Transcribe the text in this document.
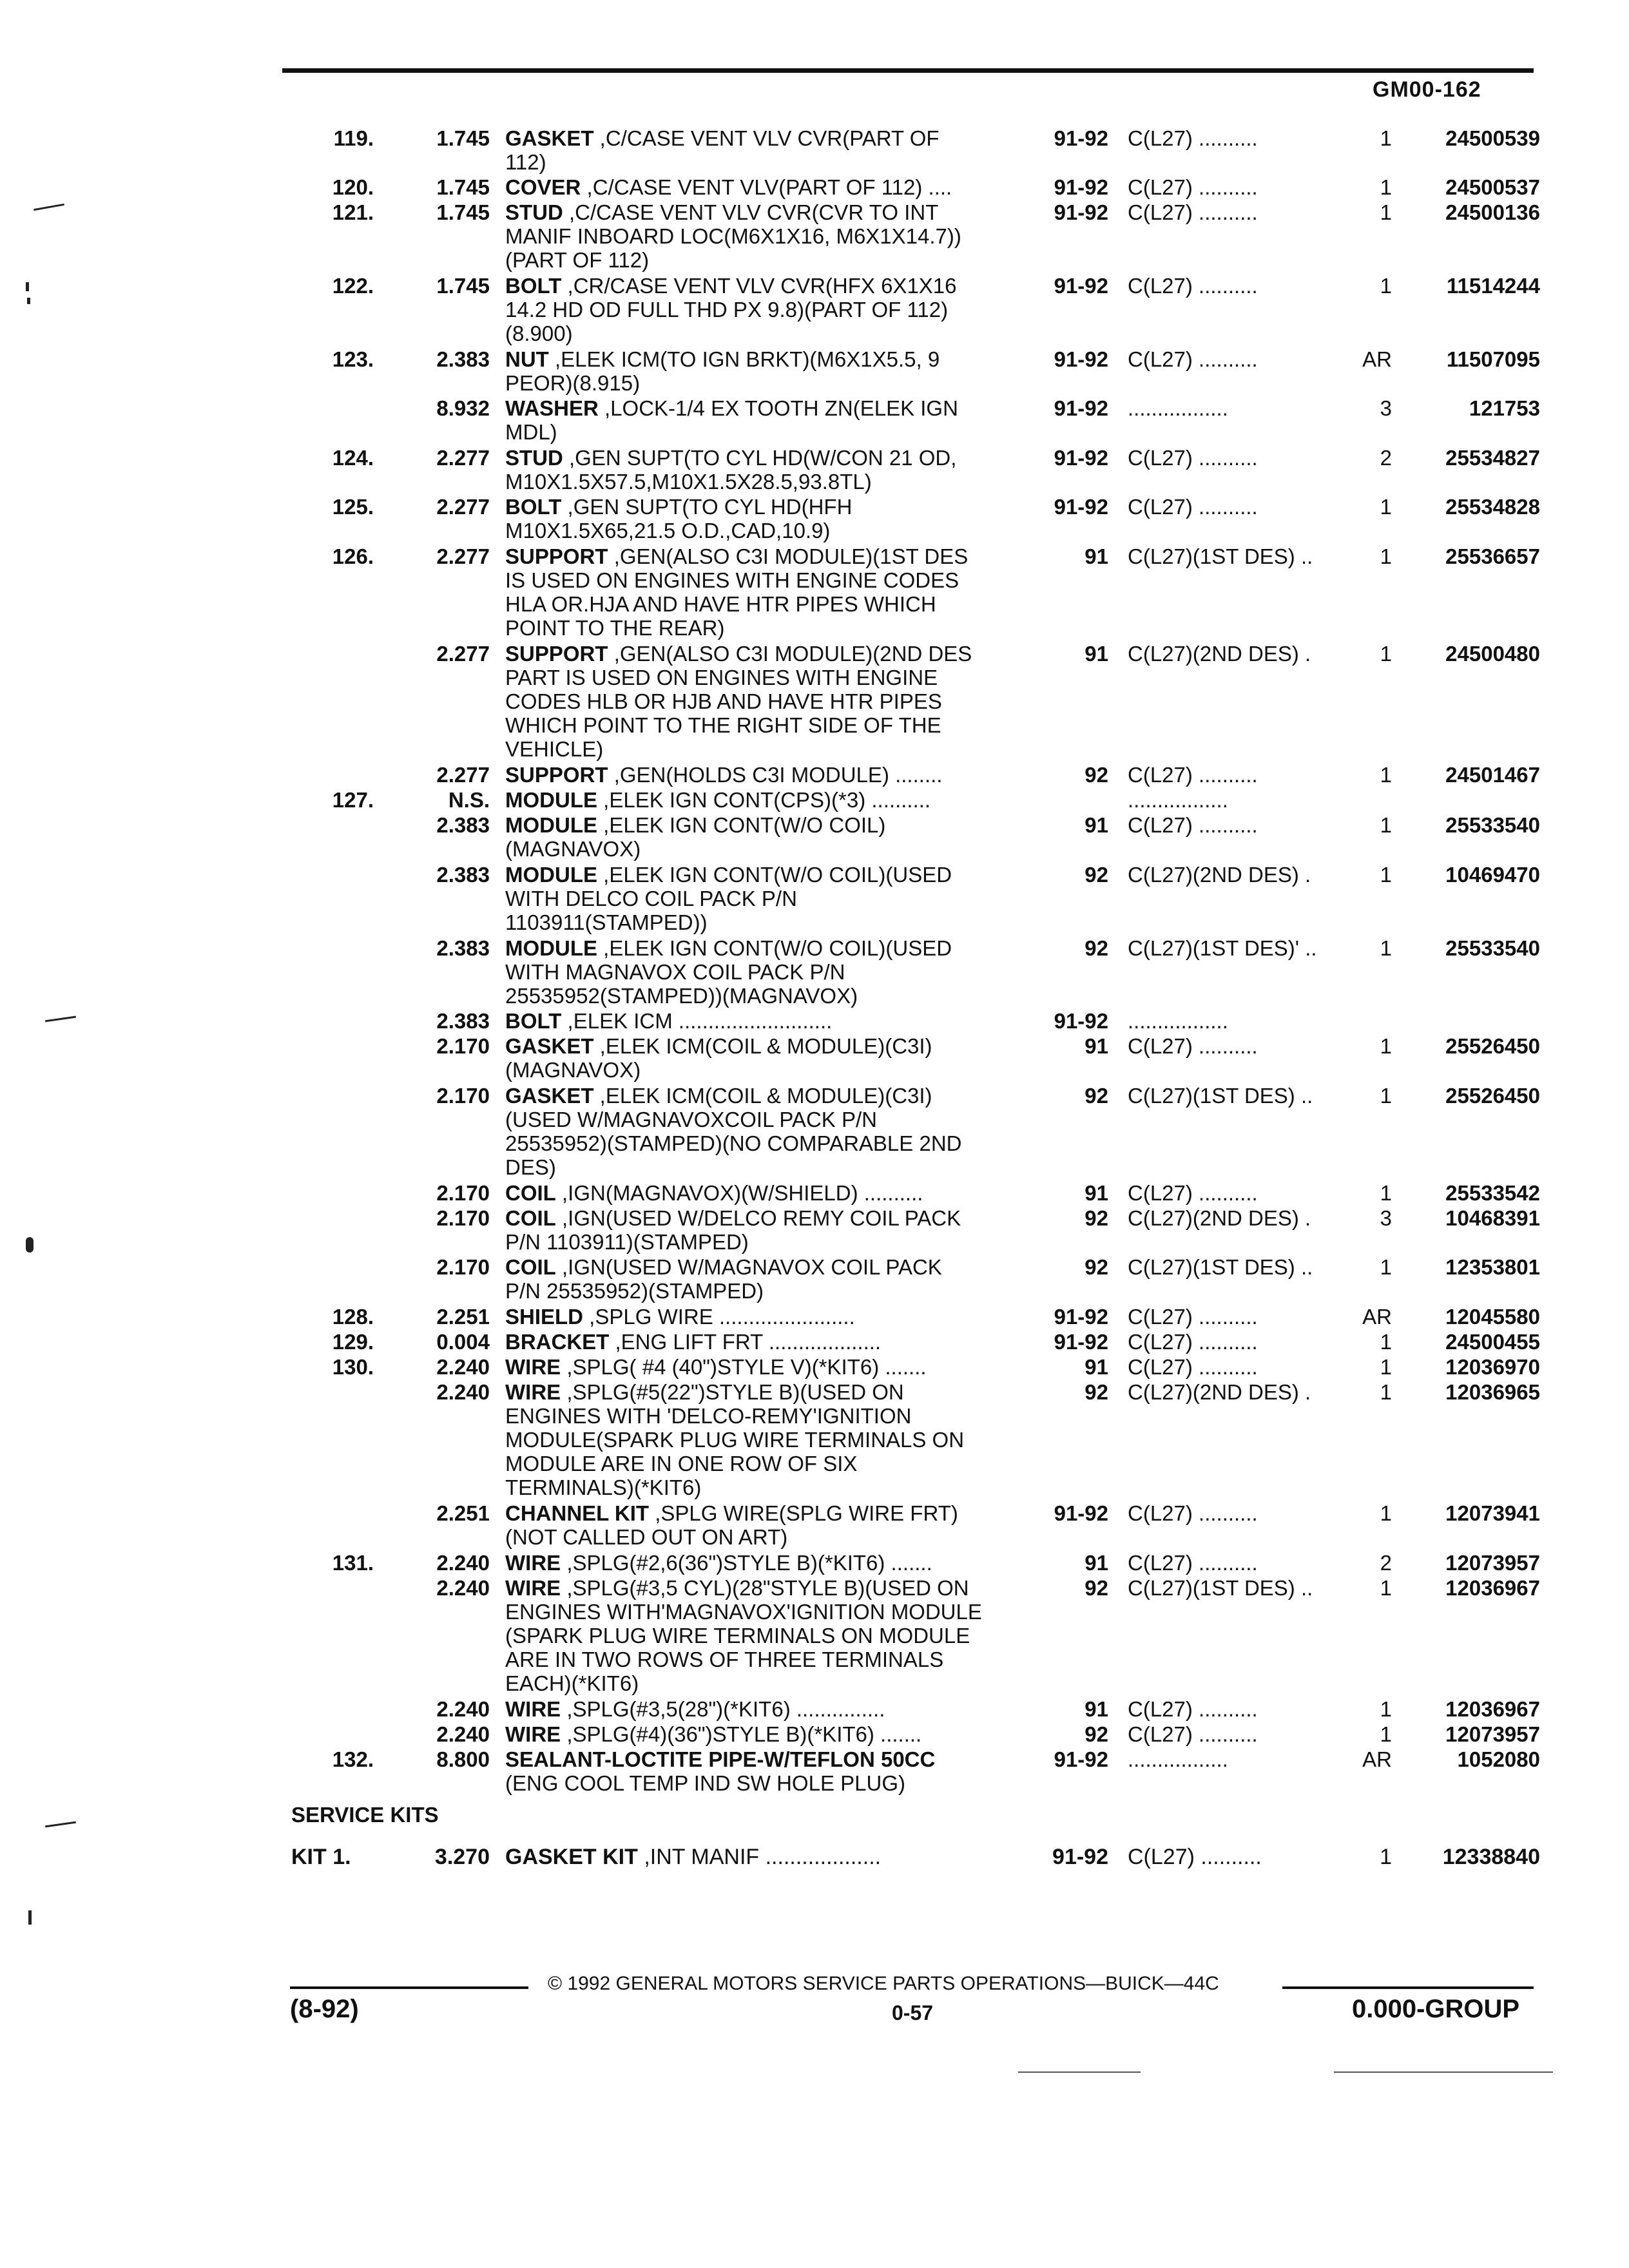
GM00-162
119.	1.745 GASKET ,C/CASE VENT VLV CVR(PART OF
112)
91-92 C(L27) ..........	1	24500539
120.	1.745 COVER ,C/CASE VENT VLV(PART OF 112) ....	91-92 C(L27) ..........	1	24500537
121.	1.745 STUD ,C/CASE VENT VLV CVR(CVR TO INT
MANIF INBOARD LOC(M6X1X16, M6X1X14.7))
(PART OF 112)
91-92 C(L27) ..........	1	24500136
122.	1.745 BOLT ,CR/CASE VENT VLV CVR(HFX 6X1X16
14.2 HD OD FULL THD PX 9.8)(PART OF 112)
(8.900)
91-92 C(L27) ..........	1	11514244
123.	2.383 NUT ,ELEK ICM(TO IGN BRKT)(M6X1X5.5, 9
PEOR)(8.915)
91-92 C(L27) ..........	AR	11507095
8.932 WASHER ,LOCK-1/4 EX TOOTH ZN(ELEK IGN
MDL)
91-92 .................	3	121753
124.	2.277 STUD ,GEN SUPT(TO CYL HD(W/CON 21 OD,
M10X1.5X57.5,M10X1.5X28.5,93.8TL)
91-92 C(L27) ..........	2	25534827
125.	2.277 BOLT ,GEN SUPT(TO CYL HD(HFH
M10X1.5X65,21.5 O.D.,CAD,10.9)
91-92 C(L27) ..........	1	25534828
126.	2.277 SUPPORT ,GEN(ALSO C3I MODULE)(1ST DES
IS USED ON ENGINES WITH ENGINE CODES
HLA OR.HJA AND HAVE HTR PIPES WHICH
POINT TO THE REAR)
91 C(L27)(1ST DES) ..	1	25536657
2.277 SUPPORT ,GEN(ALSO C3I MODULE)(2ND DES
PART IS USED ON ENGINES WITH ENGINE
CODES HLB OR HJB AND HAVE HTR PIPES
WHICH POINT TO THE RIGHT SIDE OF THE
VEHICLE)
91 C(L27)(2ND DES) .	1	24500480
2.277 SUPPORT ,GEN(HOLDS C3I MODULE) ........	92 C(L27) ..........	1	24501467
127.	N.S. MODULE ,ELEK IGN CONT(CPS)(*3) ..........	.................
2.383 MODULE ,ELEK IGN CONT(W/O COIL)
(MAGNAVOX)
91 C(L27) ..........	1	25533540
2.383 MODULE ,ELEK IGN CONT(W/O COIL)(USED
WITH DELCO COIL PACK P/N
1103911(STAMPED))
92 C(L27)(2ND DES) .	1	10469470
2.383 MODULE ,ELEK IGN CONT(W/O COIL)(USED
WITH MAGNAVOX COIL PACK P/N
25535952(STAMPED))(MAGNAVOX)
92 C(L27)(1ST DES)' ..	1	25533540
2.383 BOLT ,ELEK ICM ..........................	91-92 .................
2.170 GASKET ,ELEK ICM(COIL & MODULE)(C3I)
(MAGNAVOX)
91 C(L27) ..........	1	25526450
2.170 GASKET ,ELEK ICM(COIL & MODULE)(C3I)
(USED W/MAGNAVOXCOIL PACK P/N
25535952)(STAMPED)(NO COMPARABLE 2ND
DES)
92 C(L27)(1ST DES) ..	1	25526450
2.170 COIL ,IGN(MAGNAVOX)(W/SHIELD) ..........	91 C(L27) ..........	1	25533542
2.170 COIL ,IGN(USED W/DELCO REMY COIL PACK
P/N 1103911)(STAMPED)
92 C(L27)(2ND DES) .	3	10468391
2.170 COIL ,IGN(USED W/MAGNAVOX COIL PACK
P/N 25535952)(STAMPED)
92 C(L27)(1ST DES) ..	1	12353801
128.	2.251 SHIELD ,SPLG WIRE .......................	91-92 C(L27) ..........	AR	12045580
129.	0.004 BRACKET ,ENG LIFT FRT ...................	91-92 C(L27) ..........	1	24500455
130.	2.240 WIRE ,SPLG( #4 (40")STYLE V)(*KIT6) .......	91 C(L27) ..........	1	12036970
2.240 WIRE ,SPLG(#5(22")STYLE B)(USED ON
ENGINES WITH 'DELCO-REMY'IGNITION
MODULE(SPARK PLUG WIRE TERMINALS ON
MODULE ARE IN ONE ROW OF SIX
TERMINALS)(*KIT6)
92 C(L27)(2ND DES) .	1	12036965
2.251 CHANNEL KIT ,SPLG WIRE(SPLG WIRE FRT)
(NOT CALLED OUT ON ART)
91-92 C(L27) ..........	1	12073941
131.	2.240 WIRE ,SPLG(#2,6(36")STYLE B)(*KIT6) .......	91 C(L27) ..........	2	12073957
2.240 WIRE ,SPLG(#3,5 CYL)(28"STYLE B)(USED ON
ENGINES WITH'MAGNAVOX'IGNITION MODULE
(SPARK PLUG WIRE TERMINALS ON MODULE
ARE IN TWO ROWS OF THREE TERMINALS
EACH)(*KIT6)
92 C(L27)(1ST DES) ..	1	12036967
2.240 WIRE ,SPLG(#3,5(28")(*KIT6) ...............	91 C(L27) ..........	1	12036967
2.240 WIRE ,SPLG(#4)(36")STYLE B)(*KIT6) .......	92 C(L27) ..........	1	12073957
132.	8.800 SEALANT-LOCTITE PIPE-W/TEFLON 50CC
(ENG COOL TEMP IND SW HOLE PLUG)
91-92 .................	AR	1052080
SERVICE KITS
KIT 1.	3.270 GASKET KIT ,INT MANIF ...................	91-92 C(L27) ..........	1	12338840
© 1992 GENERAL MOTORS SERVICE PARTS OPERATIONS—BUICK—44C
(8-92)	0-57	0.000-GROUP
